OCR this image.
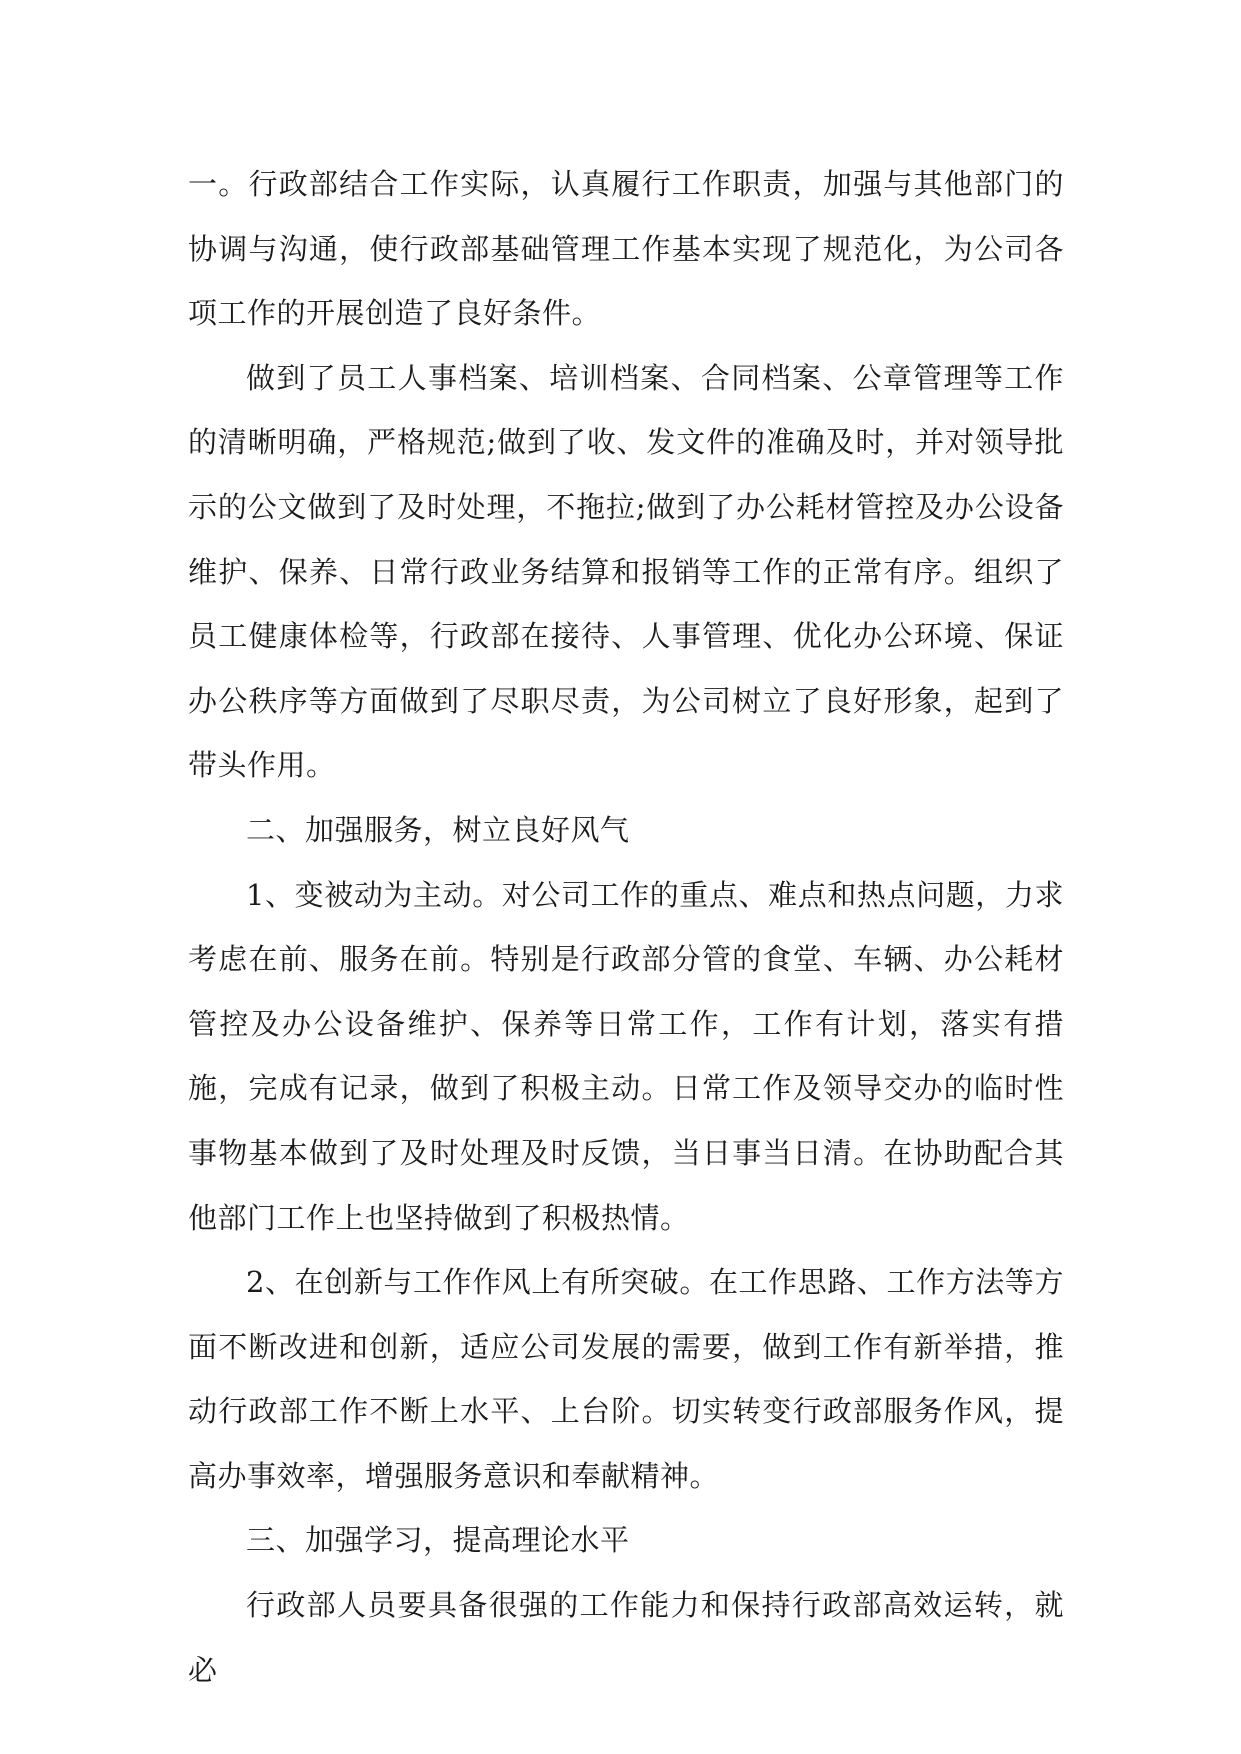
一。行政部结合工作实际，认真履行工作职责，加强与其他部门的协调与沟通，使行政部基础管理工作基本实现了规范化，为公司各项工作的开展创造了良好条件。

做到了员工人事档案、培训档案、合同档案、公章管理等工作的清晰明确，严格规范;做到了收、发文件的准确及时，并对领导批示的公文做到了及时处理，不拖拉;做到了办公耗材管控及办公设备维护、保养、日常行政业务结算和报销等工作的正常有序。组织了员工健康体检等，行政部在接待、人事管理、优化办公环境、保证办公秩序等方面做到了尽职尽责，为公司树立了良好形象，起到了带头作用。

二、加强服务，树立良好风气

1、变被动为主动。对公司工作的重点、难点和热点问题，力求考虑在前、服务在前。特别是行政部分管的食堂、车辆、办公耗材管控及办公设备维护、保养等日常工作，工作有计划，落实有措施，完成有记录，做到了积极主动。日常工作及领导交办的临时性事物基本做到了及时处理及时反馈，当日事当日清。在协助配合其他部门工作上也坚持做到了积极热情。

2、在创新与工作作风上有所突破。在工作思路、工作方法等方面不断改进和创新，适应公司发展的需要，做到工作有新举措，推动行政部工作不断上水平、上台阶。切实转变行政部服务作风，提高办事效率，增强服务意识和奉献精神。

三、加强学习，提高理论水平

行政部人员要具备很强的工作能力和保持行政部高效运转，就必
